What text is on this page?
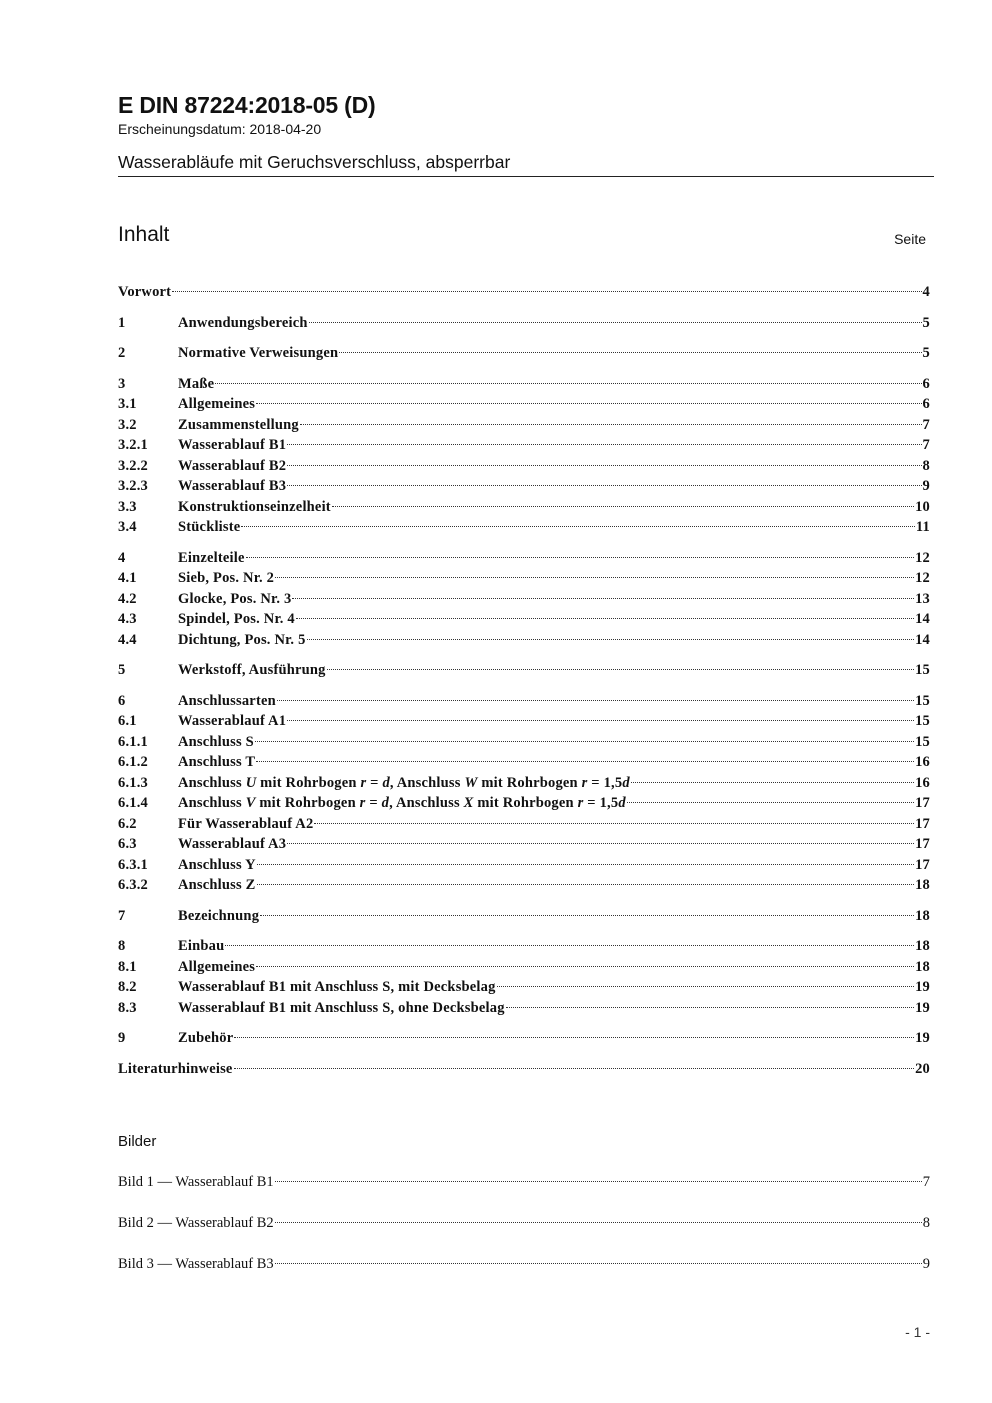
E DIN 87224:2018-05 (D)
Erscheinungsdatum: 2018-04-20
Wasserabläufe mit Geruchsverschluss, absperrbar
Inhalt	Seite
Vorwort	4
1	Anwendungsbereich	5
2	Normative Verweisungen	5
3	Maße	6
3.1	Allgemeines	6
3.2	Zusammenstellung	7
3.2.1	Wasserablauf B1	7
3.2.2	Wasserablauf B2	8
3.2.3	Wasserablauf B3	9
3.3	Konstruktionseinzelheit	10
3.4	Stückliste	11
4	Einzelteile	12
4.1	Sieb, Pos. Nr. 2	12
4.2	Glocke, Pos. Nr. 3	13
4.3	Spindel, Pos. Nr. 4	14
4.4	Dichtung, Pos. Nr. 5	14
5	Werkstoff, Ausführung	15
6	Anschlussarten	15
6.1	Wasserablauf A1	15
6.1.1	Anschluss S	15
6.1.2	Anschluss T	16
6.1.3	Anschluss U mit Rohrbogen r = d, Anschluss W mit Rohrbogen r = 1,5d	16
6.1.4	Anschluss V mit Rohrbogen r = d, Anschluss X mit Rohrbogen r = 1,5d	17
6.2	Für Wasserablauf A2	17
6.3	Wasserablauf A3	17
6.3.1	Anschluss Y	17
6.3.2	Anschluss Z	18
7	Bezeichnung	18
8	Einbau	18
8.1	Allgemeines	18
8.2	Wasserablauf B1 mit Anschluss S, mit Decksbelag	19
8.3	Wasserablauf B1 mit Anschluss S, ohne Decksbelag	19
9	Zubehör	19
Literaturhinweise	20
Bilder
Bild 1 — Wasserablauf B1	7
Bild 2 — Wasserablauf B2	8
Bild 3 — Wasserablauf B3	9
- 1 -
